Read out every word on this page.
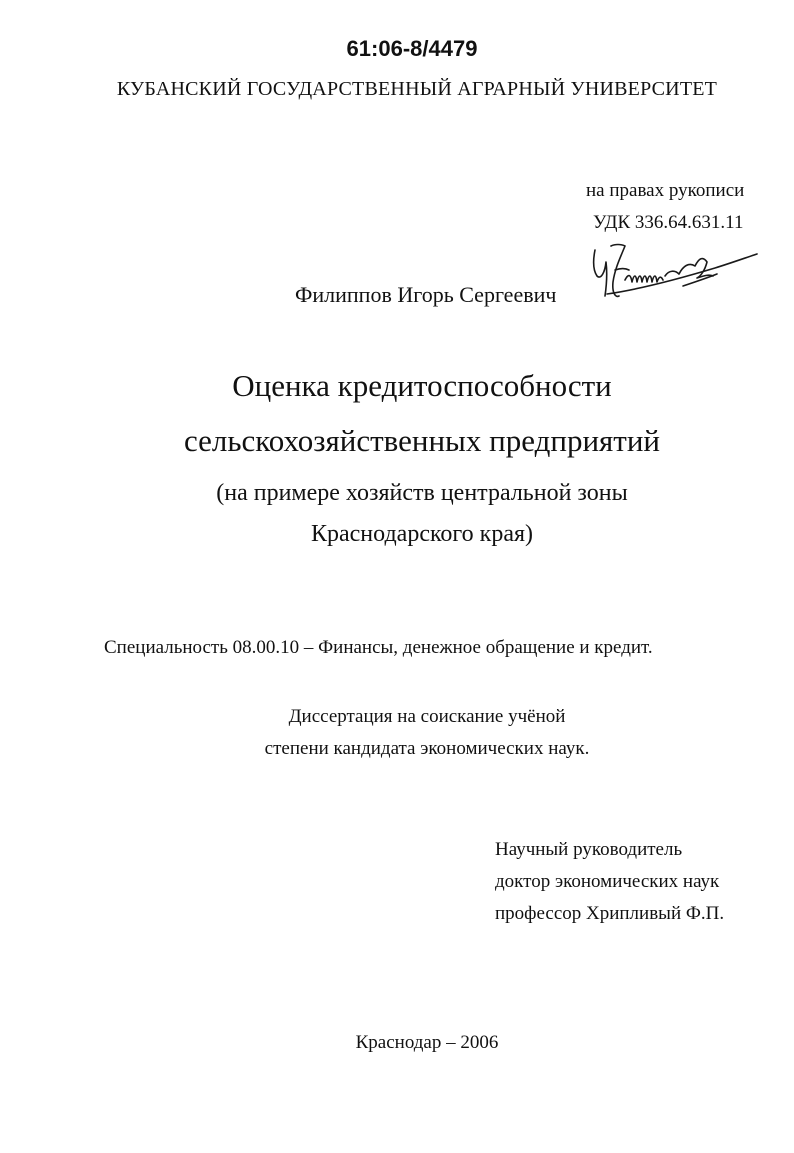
61:06-8/4479
КУБАНСКИЙ ГОСУДАРСТВЕННЫЙ АГРАРНЫЙ УНИВЕРСИТЕТ
на правах рукописи
УДК 336.64.631.11
Филиппов Игорь Сергеевич
Оценка кредитоспособности
сельскохозяйственных предприятий
(на примере хозяйств центральной зоны
Краснодарского края)
Специальность 08.00.10 – Финансы, денежное обращение и кредит.
Диссертация на соискание учёной
степени кандидата экономических наук.
Научный руководитель
доктор экономических наук
профессор Хрипливый Ф.П.
Краснодар – 2006
